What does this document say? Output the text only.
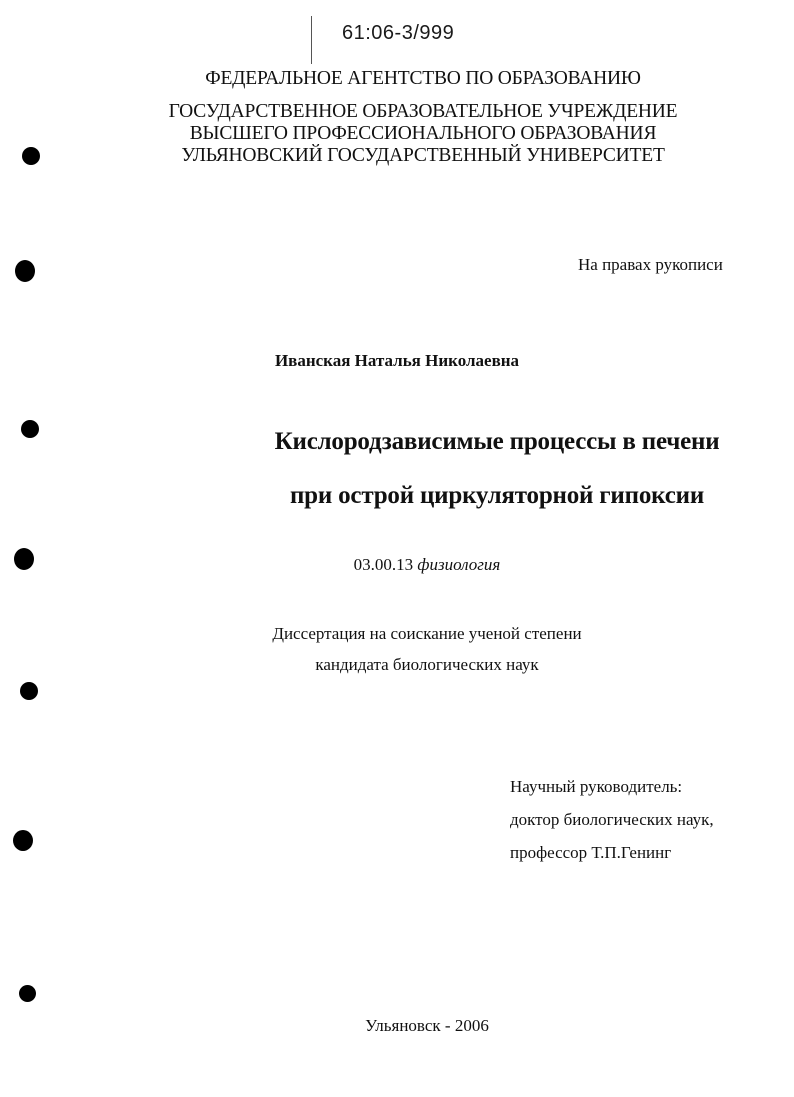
61:06-3/999
ФЕДЕРАЛЬНОЕ АГЕНТСТВО ПО ОБРАЗОВАНИЮ
ГОСУДАРСТВЕННОЕ ОБРАЗОВАТЕЛЬНОЕ УЧРЕЖДЕНИЕ
ВЫСШЕГО ПРОФЕССИОНАЛЬНОГО ОБРАЗОВАНИЯ
УЛЬЯНОВСКИЙ ГОСУДАРСТВЕННЫЙ УНИВЕРСИТЕТ
На правах рукописи
Иванская Наталья Николаевна
Кислородзависимые процессы в печени
при острой циркуляторной гипоксии
03.00.13 физиология
Диссертация на соискание ученой степени
кандидата биологических наук
Научный руководитель:
доктор биологических наук,
профессор Т.П.Генинг
Ульяновск - 2006
